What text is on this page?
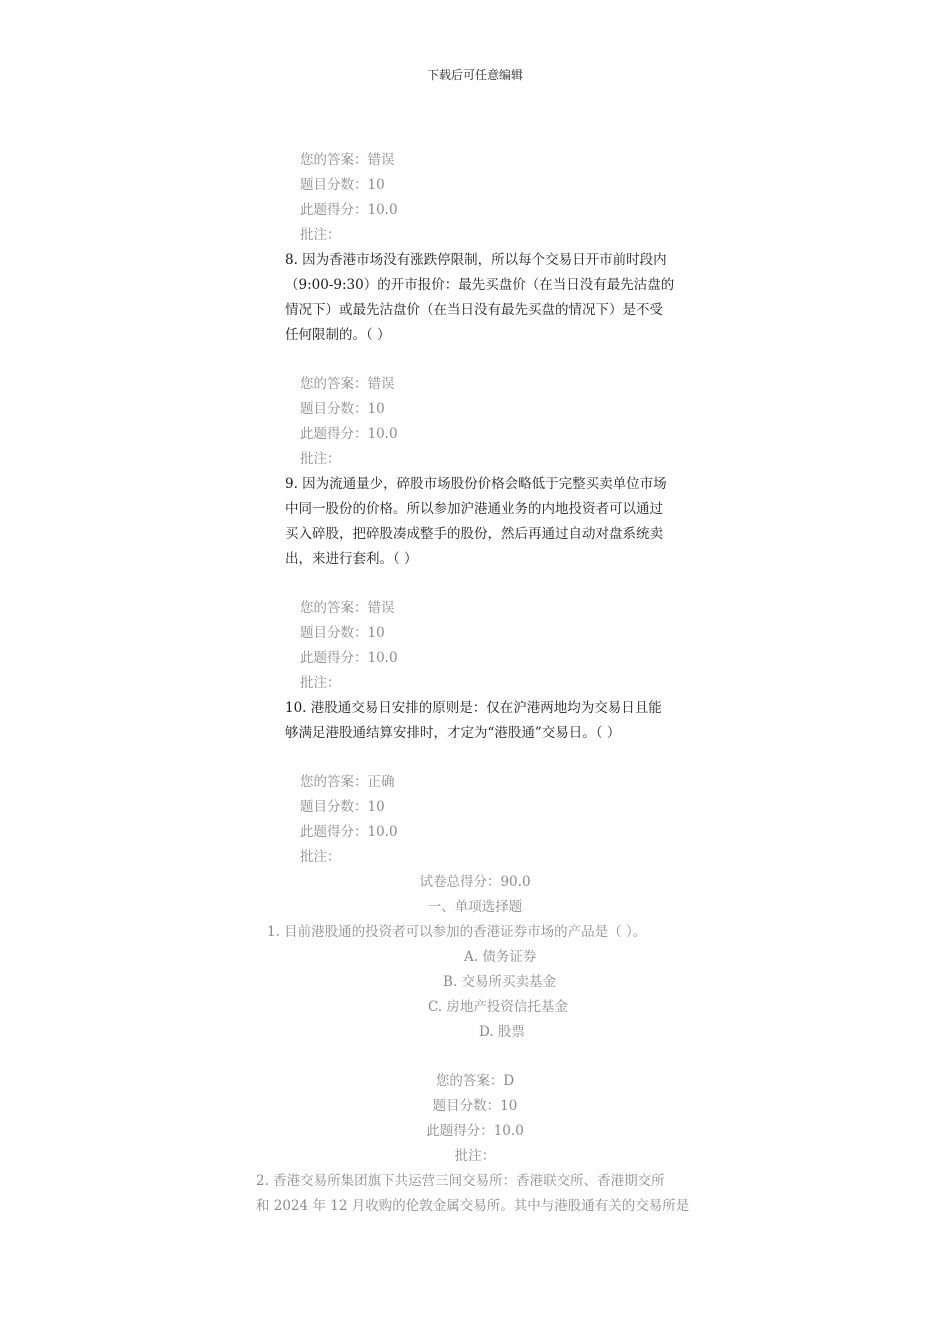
下载后可任意编辑
您的答案：错误
题目分数：10
此题得分：10.0
批注：
8. 因为香港市场没有涨跌停限制，所以每个交易日开市前时段内
（9:00-9:30）的开市报价：最先买盘价（在当日没有最先沽盘的
情况下）或最先沽盘价（在当日没有最先买盘的情况下）是不受
任何限制的。（ ）
您的答案：错误
题目分数：10
此题得分：10.0
批注：
9. 因为流通量少，碎股市场股份价格会略低于完整买卖单位市场
中同一股份的价格。所以参加沪港通业务的内地投资者可以通过
买入碎股，把碎股凑成整手的股份，然后再通过自动对盘系统卖
出，来进行套利。（ ）
您的答案：错误
题目分数：10
此题得分：10.0
批注：
10. 港股通交易日安排的原则是：仅在沪港两地均为交易日且能
够满足港股通结算安排时，才定为“港股通”交易日。（ ）
您的答案：正确
题目分数：10
此题得分：10.0
批注：
试卷总得分：90.0
一、单项选择题
1. 目前港股通的投资者可以参加的香港证券市场的产品是（ ）。
A. 债务证券
B. 交易所买卖基金
C. 房地产投资信托基金
D. 股票
您的答案：D
题目分数：10
此题得分：10.0
批注：
2. 香港交易所集团旗下共运营三间交易所：香港联交所、香港期交所
和 2024 年 12 月收购的伦敦金属交易所。其中与港股通有关的交易所是
